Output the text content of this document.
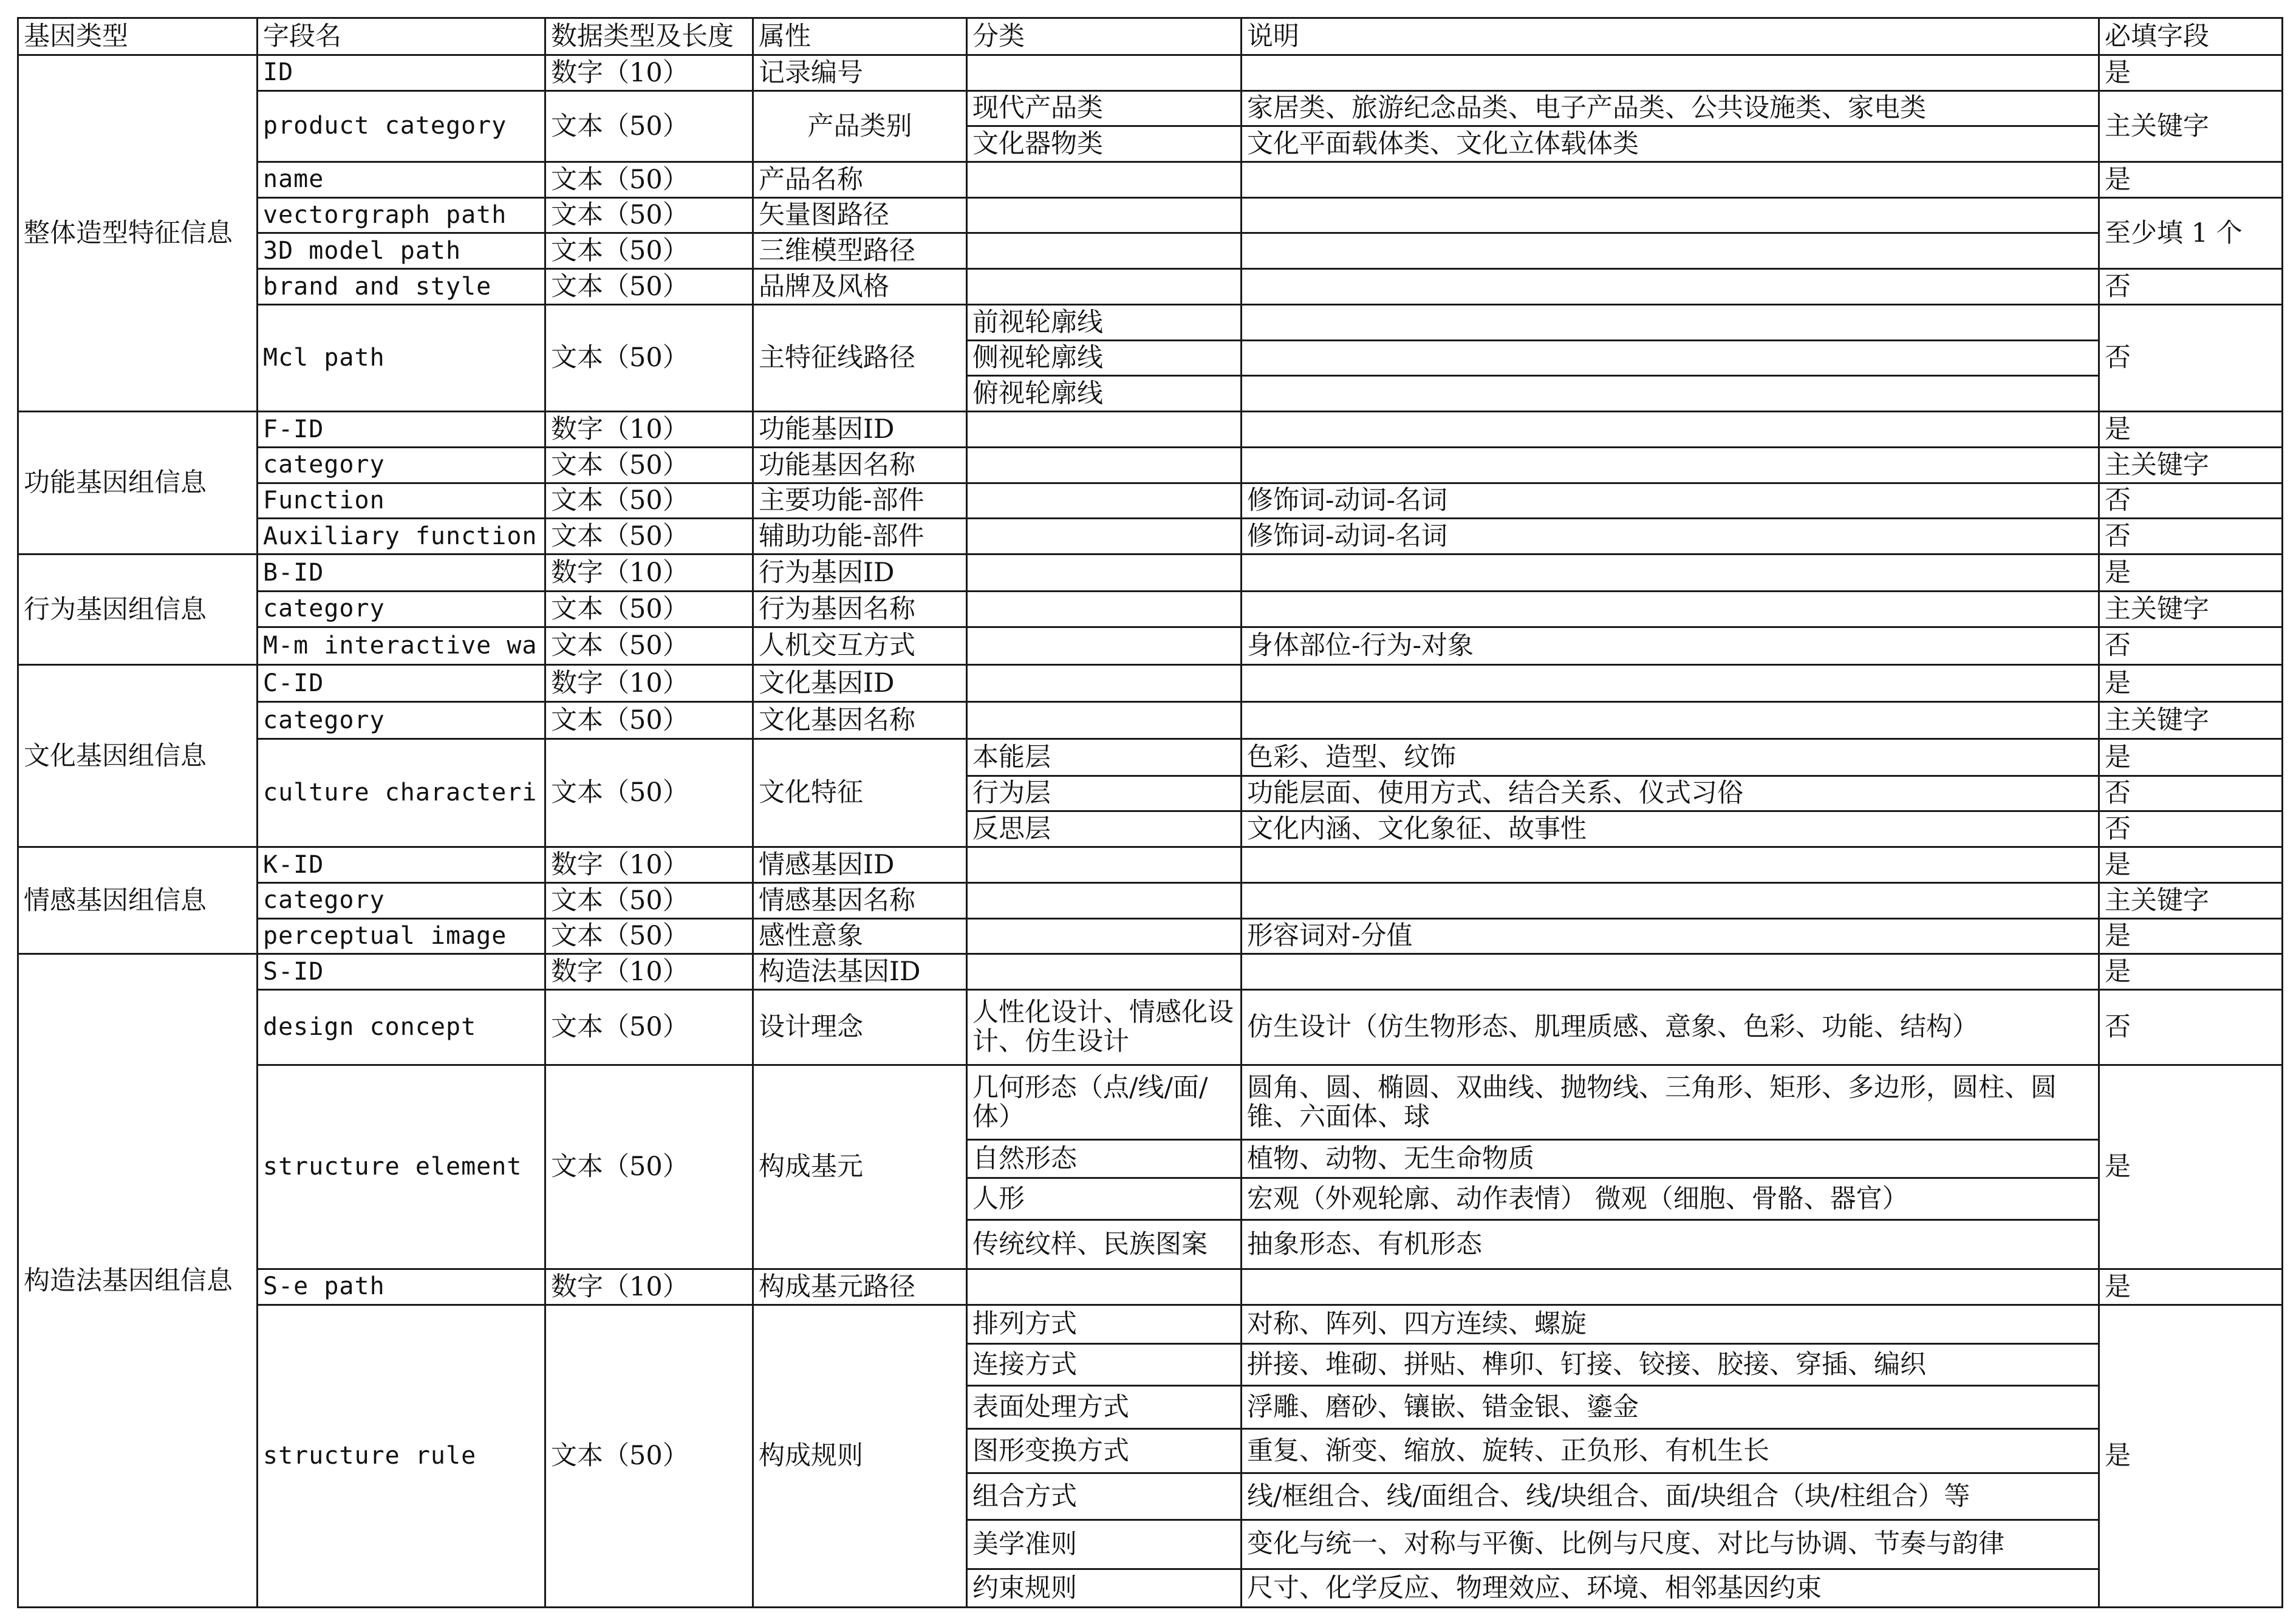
基因类型	字段名	数据类型及长度	属性	分类	说明	必填字段
整体造型特征信息	ID	数字（10）	记录编号			是
	product category	文本（50）	产品类别	现代产品类	家居类、旅游纪念品类、电子产品类、公共设施类、家电类	主关键字
				文化器物类	文化平面载体类、文化立体载体类	
	name	文本（50）	产品名称			是
	vectorgraph path	文本（50）	矢量图路径			至少填 1 个
	3D model path	文本（50）	三维模型路径			
	brand and style	文本（50）	品牌及风格			否
	Mcl path	文本（50）	主特征线路径	前视轮廓线		否
				侧视轮廓线		
				俯视轮廓线		
功能基因组信息	F-ID	数字（10）	功能基因ID			是
	category	文本（50）	功能基因名称			主关键字
	Function	文本（50）	主要功能-部件		修饰词-动词-名词	否
	Auxiliary function	文本（50）	辅助功能-部件		修饰词-动词-名词	否
行为基因组信息	B-ID	数字（10）	行为基因ID			是
	category	文本（50）	行为基因名称			主关键字
	M-m interactive wa	文本（50）	人机交互方式		身体部位-行为-对象	否
文化基因组信息	C-ID	数字（10）	文化基因ID			是
	category	文本（50）	文化基因名称			主关键字
	culture characteri	文本（50）	文化特征	本能层	色彩、造型、纹饰	是
				行为层	功能层面、使用方式、结合关系、仪式习俗	否
				反思层	文化内涵、文化象征、故事性	否
情感基因组信息	K-ID	数字（10）	情感基因ID			是
	category	文本（50）	情感基因名称			主关键字
	perceptual image	文本（50）	感性意象		形容词对-分值	是
构造法基因组信息	S-ID	数字（10）	构造法基因ID			是
	design concept	文本（50）	设计理念	人性化设计、情感化设计、仿生设计	仿生设计（仿生物形态、肌理质感、意象、色彩、功能、结构）	否
	structure element	文本（50）	构成基元	几何形态（点/线/面/体）	圆角、圆、椭圆、双曲线、抛物线、三角形、矩形、多边形，圆柱、圆锥、六面体、球	是
				自然形态	植物、动物、无生命物质	
				人形	宏观（外观轮廓、动作表情） 微观（细胞、骨骼、器官）	
				传统纹样、民族图案	抽象形态、有机形态	
	S-e path	数字（10）	构成基元路径			是
	structure rule	文本（50）	构成规则	排列方式	对称、阵列、四方连续、螺旋	是
				连接方式	拼接、堆砌、拼贴、榫卯、钉接、铰接、胶接、穿插、编织	
				表面处理方式	浮雕、磨砂、镶嵌、错金银、鎏金	
				图形变换方式	重复、渐变、缩放、旋转、正负形、有机生长	
				组合方式	线/框组合、线/面组合、线/块组合、面/块组合（块/柱组合）等	
				美学准则	变化与统一、对称与平衡、比例与尺度、对比与协调、节奏与韵律	
				约束规则	尺寸、化学反应、物理效应、环境、相邻基因约束	
